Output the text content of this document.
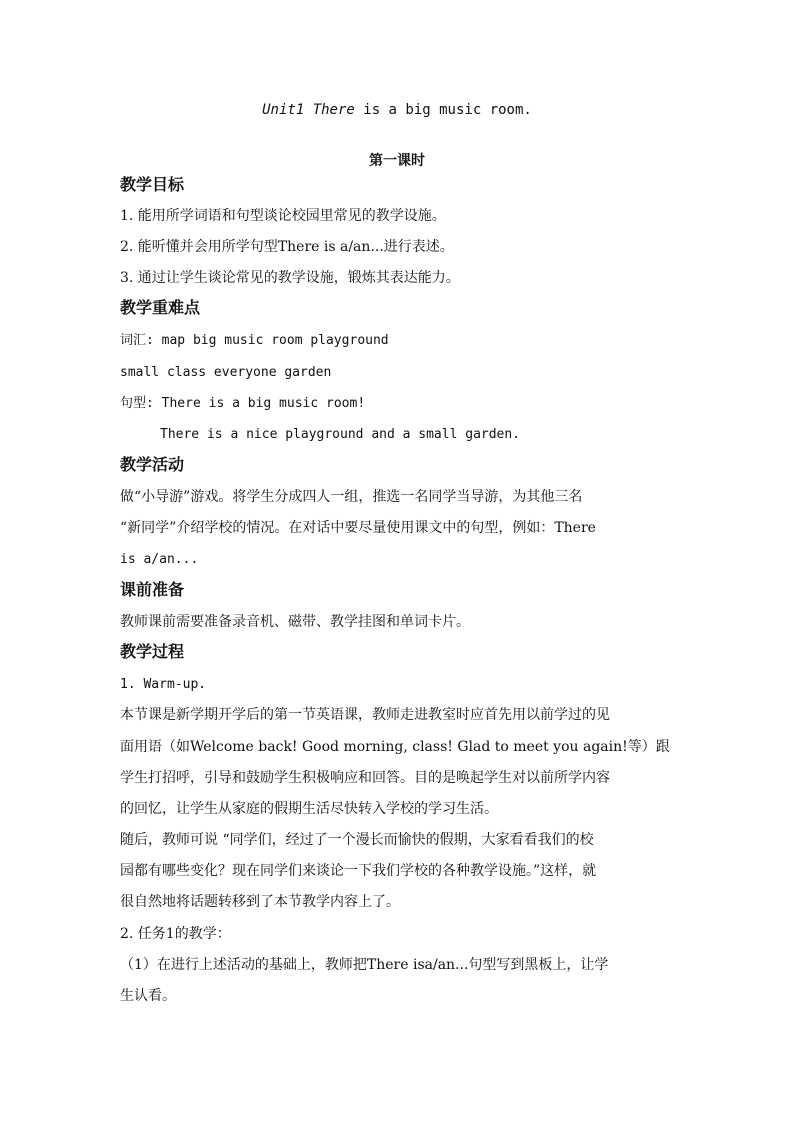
Unit1 There is a big music room.
第一课时
教学目标
1. 能用所学词语和句型谈论校园里常见的教学设施。
2. 能听懂并会用所学句型There is a/an...进行表述。
3. 通过让学生谈论常见的教学设施，锻炼其表达能力。
教学重难点
词汇: map big music room playground
small class everyone garden
句型: There is a big music room!
There is a nice playground and a small garden.
教学活动
做“小导游”游戏。将学生分成四人一组，推选一名同学当导游，为其他三名
“新同学”介绍学校的情况。在对话中要尽量使用课文中的句型，例如：There
is a/an...
课前准备
教师课前需要准备录音机、磁带、教学挂图和单词卡片。
教学过程
1. Warm-up.
本节课是新学期开学后的第一节英语课，教师走进教室时应首先用以前学过的见
面用语（如Welcome back! Good morning, class! Glad to meet you again!等）跟
学生打招呼，引导和鼓励学生积极响应和回答。目的是唤起学生对以前所学内容
的回忆，让学生从家庭的假期生活尽快转入学校的学习生活。
随后，教师可说 “同学们，经过了一个漫长而愉快的假期，大家看看我们的校
园都有哪些变化？现在同学们来谈论一下我们学校的各种教学设施。”这样，就
很自然地将话题转移到了本节教学内容上了。
2. 任务1的教学：
（1）在进行上述活动的基础上，教师把There isa/an...句型写到黑板上，让学
生认看。
